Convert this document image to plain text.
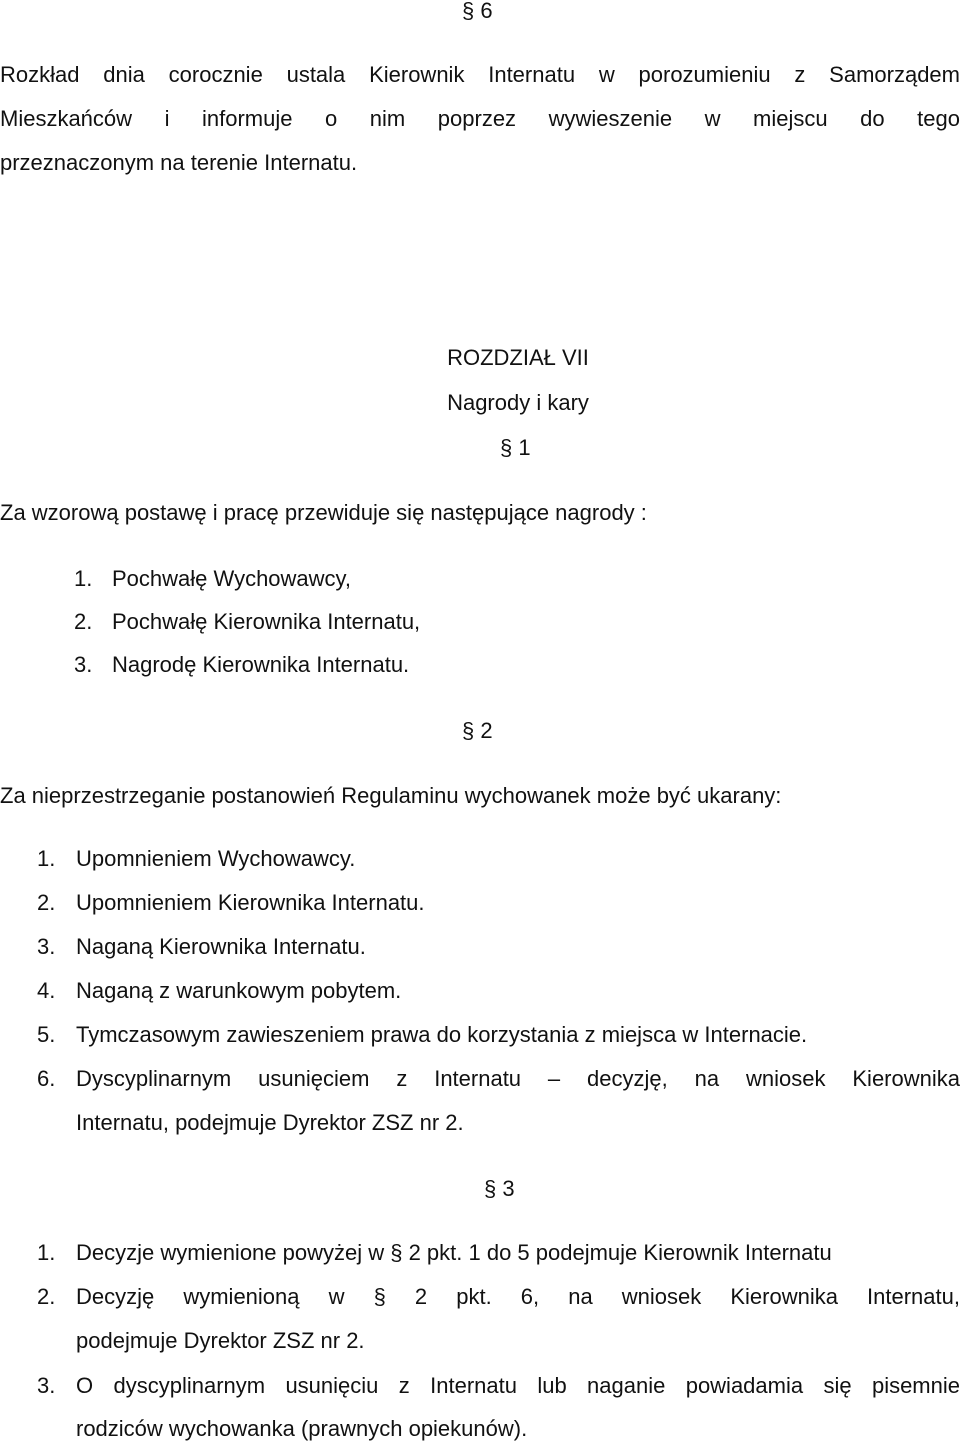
§ 6
Rozkład dnia corocznie ustala Kierownik Internatu w porozumieniu z Samorządem
Mieszkańców i informuje o nim poprzez wywieszenie w miejscu do tego
przeznaczonym na terenie Internatu.
ROZDZIAŁ VII
Nagrody i kary
§ 1
Za wzorową postawę i pracę przewiduje się następujące nagrody :
1. Pochwałę Wychowawcy,
2. Pochwałę Kierownika Internatu,
3. Nagrodę Kierownika Internatu.
§ 2
Za nieprzestrzeganie postanowień Regulaminu wychowanek może być ukarany:
1. Upomnieniem Wychowawcy.
2. Upomnieniem Kierownika Internatu.
3. Naganą Kierownika Internatu.
4. Naganą z warunkowym pobytem.
5. Tymczasowym zawieszeniem prawa do korzystania z miejsca w Internacie.
6. Dyscyplinarnym usunięciem z Internatu – decyzję, na wniosek Kierownika
Internatu, podejmuje Dyrektor ZSZ nr 2.
§ 3
1. Decyzje wymienione powyżej w § 2 pkt. 1 do 5 podejmuje Kierownik Internatu
2. Decyzję wymienioną w § 2 pkt. 6, na wniosek Kierownika Internatu,
podejmuje Dyrektor ZSZ nr 2.
3. O dyscyplinarnym usunięciu z Internatu lub naganie powiadamia się pisemnie
rodziców wychowanka (prawnych opiekunów).
